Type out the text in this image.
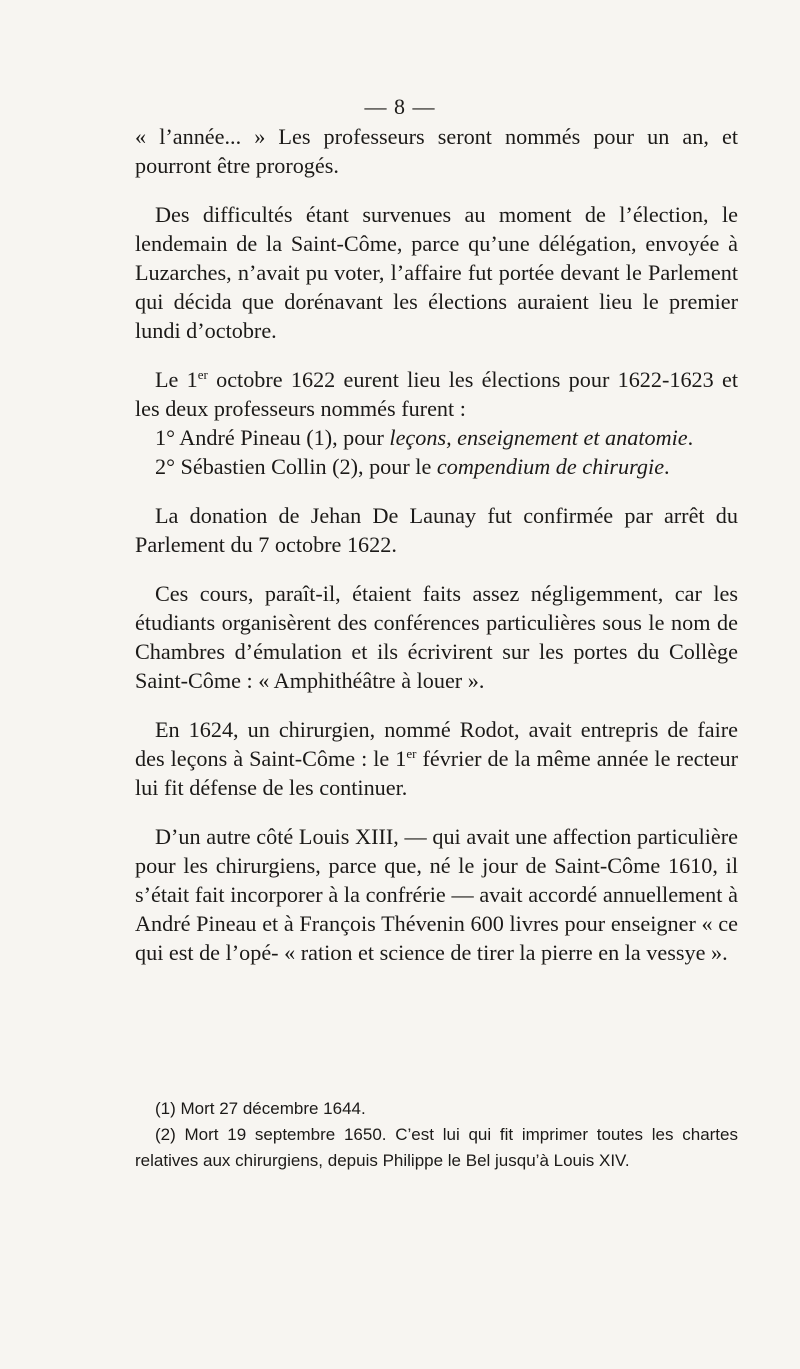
— 8 —

« l’année... » Les professeurs seront nommés pour un an, et pourront être prorogés.

Des difficultés étant survenues au moment de l’élection, le lendemain de la Saint-Côme, parce qu’une délégation, envoyée à Luzarches, n’avait pu voter, l’affaire fut portée devant le Parlement qui décida que dorénavant les élections auraient lieu le premier lundi d’octobre.

Le 1er octobre 1622 eurent lieu les élections pour 1622-1623 et les deux professeurs nommés furent :

1° André Pineau (1), pour leçons, enseignement et anatomie.

2° Sébastien Collin (2), pour le compendium de chirurgie.

La donation de Jehan De Launay fut confirmée par arrêt du Parlement du 7 octobre 1622.

Ces cours, paraît-il, étaient faits assez négligemment, car les étudiants organisèrent des conférences particulières sous le nom de Chambres d’émulation et ils écrivirent sur les portes du Collège Saint-Côme : « Amphithéâtre à louer ».

En 1624, un chirurgien, nommé Rodot, avait entrepris de faire des leçons à Saint-Côme : le 1er février de la même année le recteur lui fit défense de les continuer.

D’un autre côté Louis XIII, — qui avait une affection particulière pour les chirurgiens, parce que, né le jour de Saint-Côme 1610, il s’était fait incorporer à la confrérie — avait accordé annuellement à André Pineau et à François Thévenin 600 livres pour enseigner « ce qui est de l’opé- « ration et science de tirer la pierre en la vessye ».

(1) Mort 27 décembre 1644.

(2) Mort 19 septembre 1650. C’est lui qui fit imprimer toutes les chartes relatives aux chirurgiens, depuis Philippe le Bel jusqu’à Louis XIV.
